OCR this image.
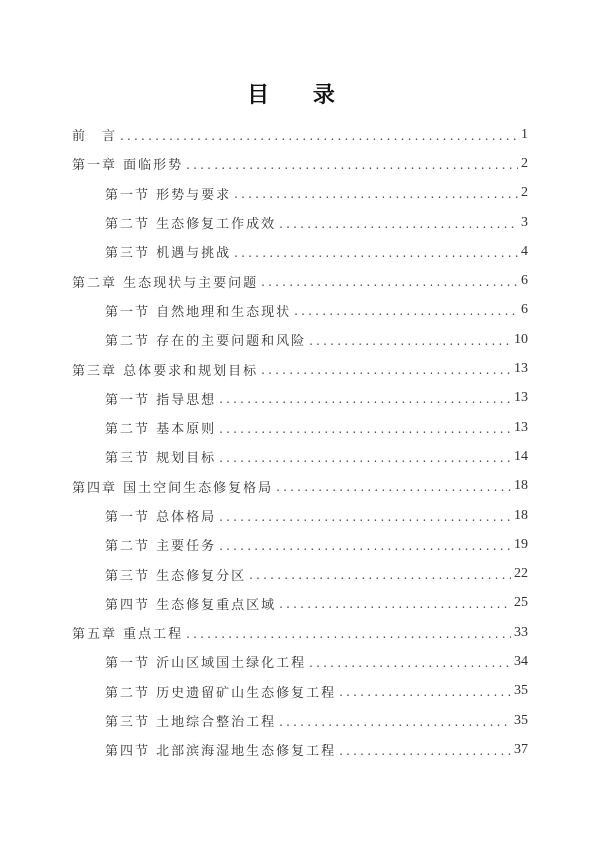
目 录
前　言 .....	1
第一章 面临形势 .....	2
第一节 形势与要求 .....	2
第二节 生态修复工作成效 .....	3
第三节 机遇与挑战 .....	4
第二章 生态现状与主要问题 .....	6
第一节 自然地理和生态现状 .....	6
第二节 存在的主要问题和风险 .....	10
第三章 总体要求和规划目标 .....	13
第一节 指导思想 .....	13
第二节 基本原则 .....	13
第三节 规划目标 .....	14
第四章 国土空间生态修复格局 .....	18
第一节 总体格局 .....	18
第二节 主要任务 .....	19
第三节 生态修复分区 .....	22
第四节 生态修复重点区域 .....	25
第五章 重点工程 .....	33
第一节 沂山区域国土绿化工程 .....	34
第二节 历史遗留矿山生态修复工程 .....	35
第三节 土地综合整治工程 .....	35
第四节 北部滨海湿地生态修复工程 .....	37
